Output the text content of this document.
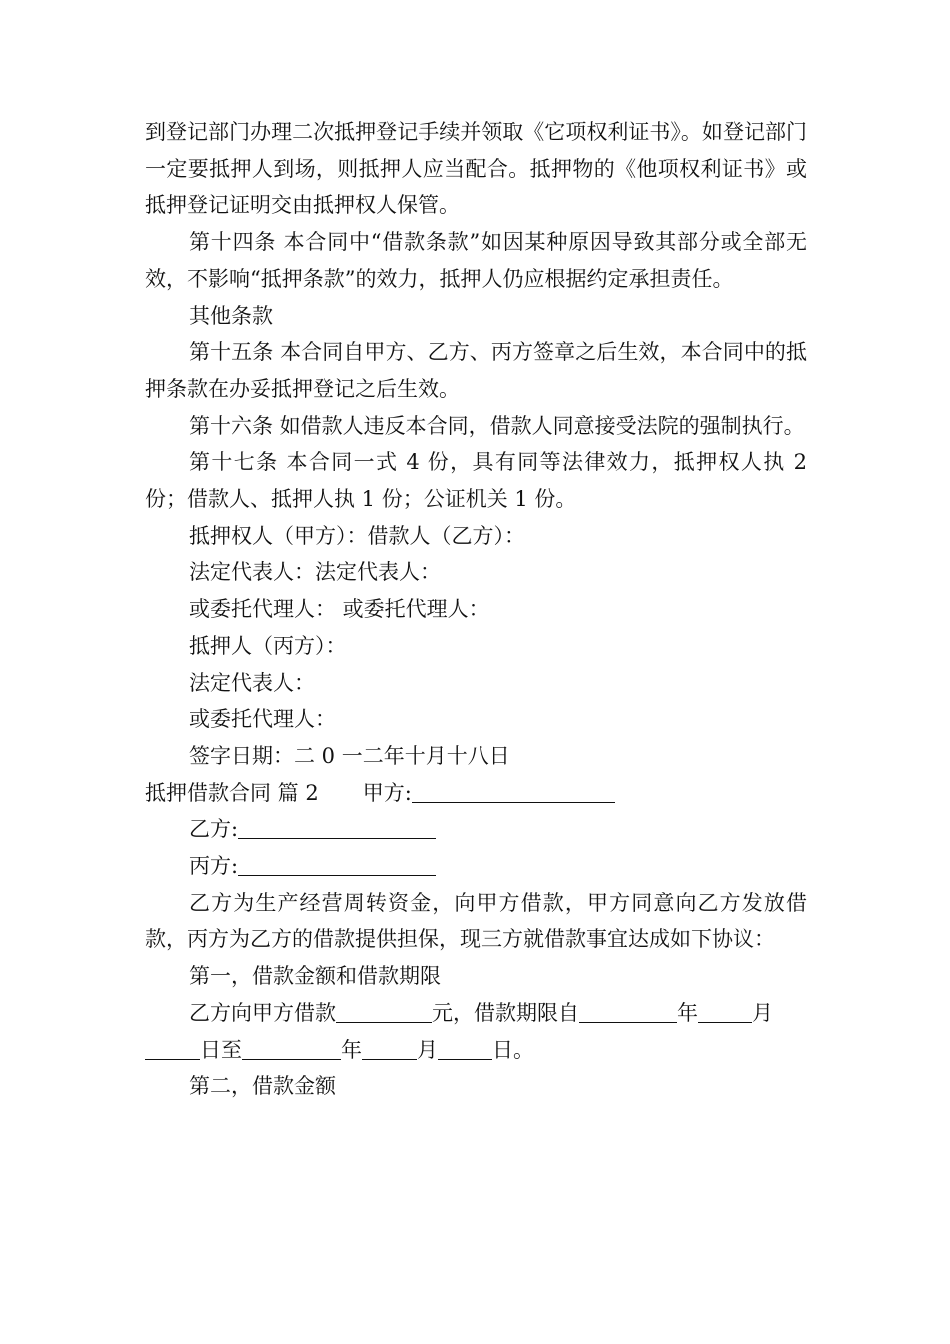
到登记部门办理二次抵押登记手续并领取《它项权利证书》。如登记部门一定要抵押人到场，则抵押人应当配合。抵押物的《他项权利证书》或抵押登记证明交由抵押权人保管。

第十四条 本合同中“借款条款”如因某种原因导致其部分或全部无效，不影响“抵押条款”的效力，抵押人仍应根据约定承担责任。

其他条款

第十五条 本合同自甲方、乙方、丙方签章之后生效，本合同中的抵押条款在办妥抵押登记之后生效。

第十六条 如借款人违反本合同，借款人同意接受法院的强制执行。

第十七条 本合同一式 4 份，具有同等法律效力，抵押权人执 2 份；借款人、抵押人执 1 份；公证机关 1 份。

抵押权人（甲方）：借款人（乙方）：

法定代表人：法定代表人：

或委托代理人： 或委托代理人：

抵押人（丙方）：

法定代表人：

或委托代理人：

签字日期：二 0 一二年十月十八日

抵押借款合同 篇 2 甲方:

乙方:

丙方:

乙方为生产经营周转资金，向甲方借款，甲方同意向乙方发放借款，丙方为乙方的借款提供担保，现三方就借款事宜达成如下协议：

第一，借款金额和借款期限

乙方向甲方借款	元，借款期限自	年	月

日至	年	月	日。

第二，借款金额
